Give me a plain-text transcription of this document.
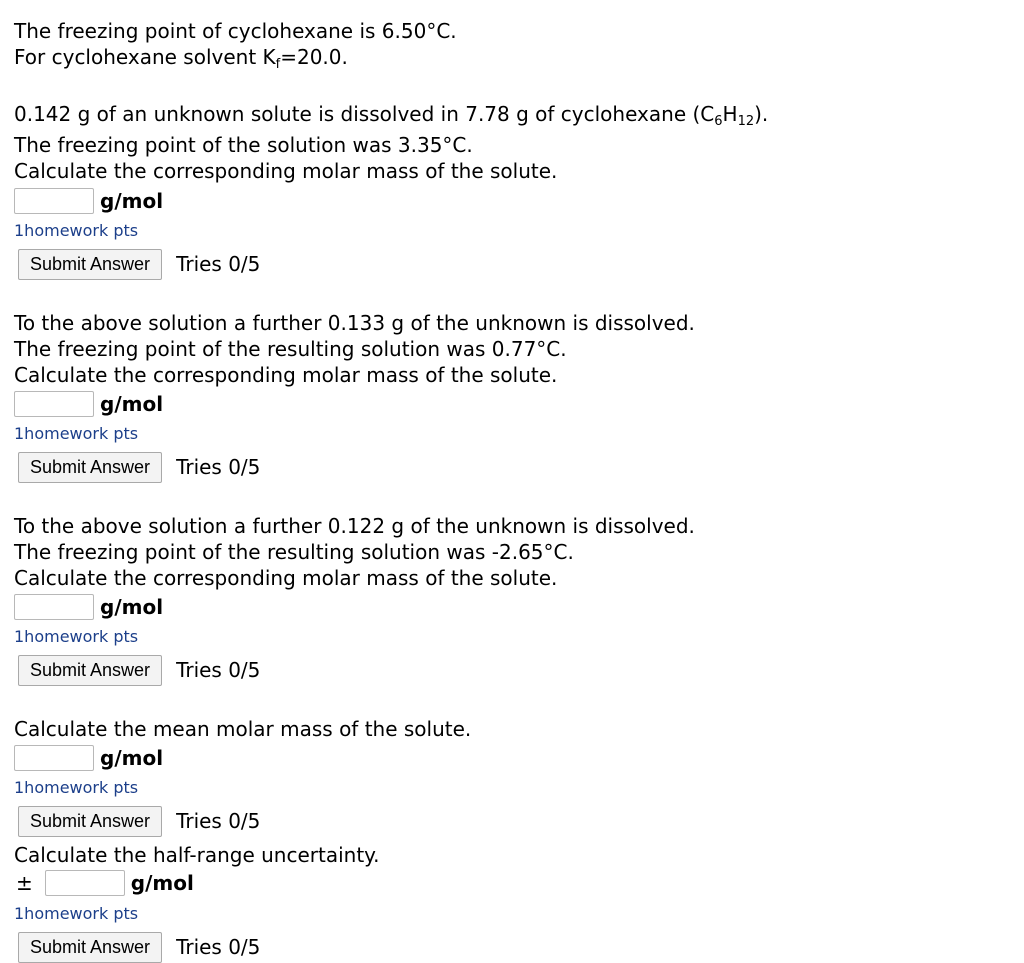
The freezing point of cyclohexane is 6.50°C.
For cyclohexane solvent $K_f=20.0$.
0.142 g of an unknown solute is dissolved in 7.78 g of cyclohexane $(C_6H_{12})$.
The freezing point of the solution was 3.35°C.
Calculate the corresponding molar mass of the solute.
g/mol
1homework pts
Submit Answer	Tries 0/5
To the above solution a further 0.133 g of the unknown is dissolved.
The freezing point of the resulting solution was 0.77°C.
Calculate the corresponding molar mass of the solute.
g/mol
1homework pts
Submit Answer	Tries 0/5
To the above solution a further 0.122 g of the unknown is dissolved.
The freezing point of the resulting solution was -2.65°C.
Calculate the corresponding molar mass of the solute.
g/mol
1homework pts
Submit Answer	Tries 0/5
Calculate the mean molar mass of the solute.
g/mol
1homework pts
Submit Answer	Tries 0/5
Calculate the half-range uncertainty.
±	g/mol
1homework pts
Submit Answer	Tries 0/5
